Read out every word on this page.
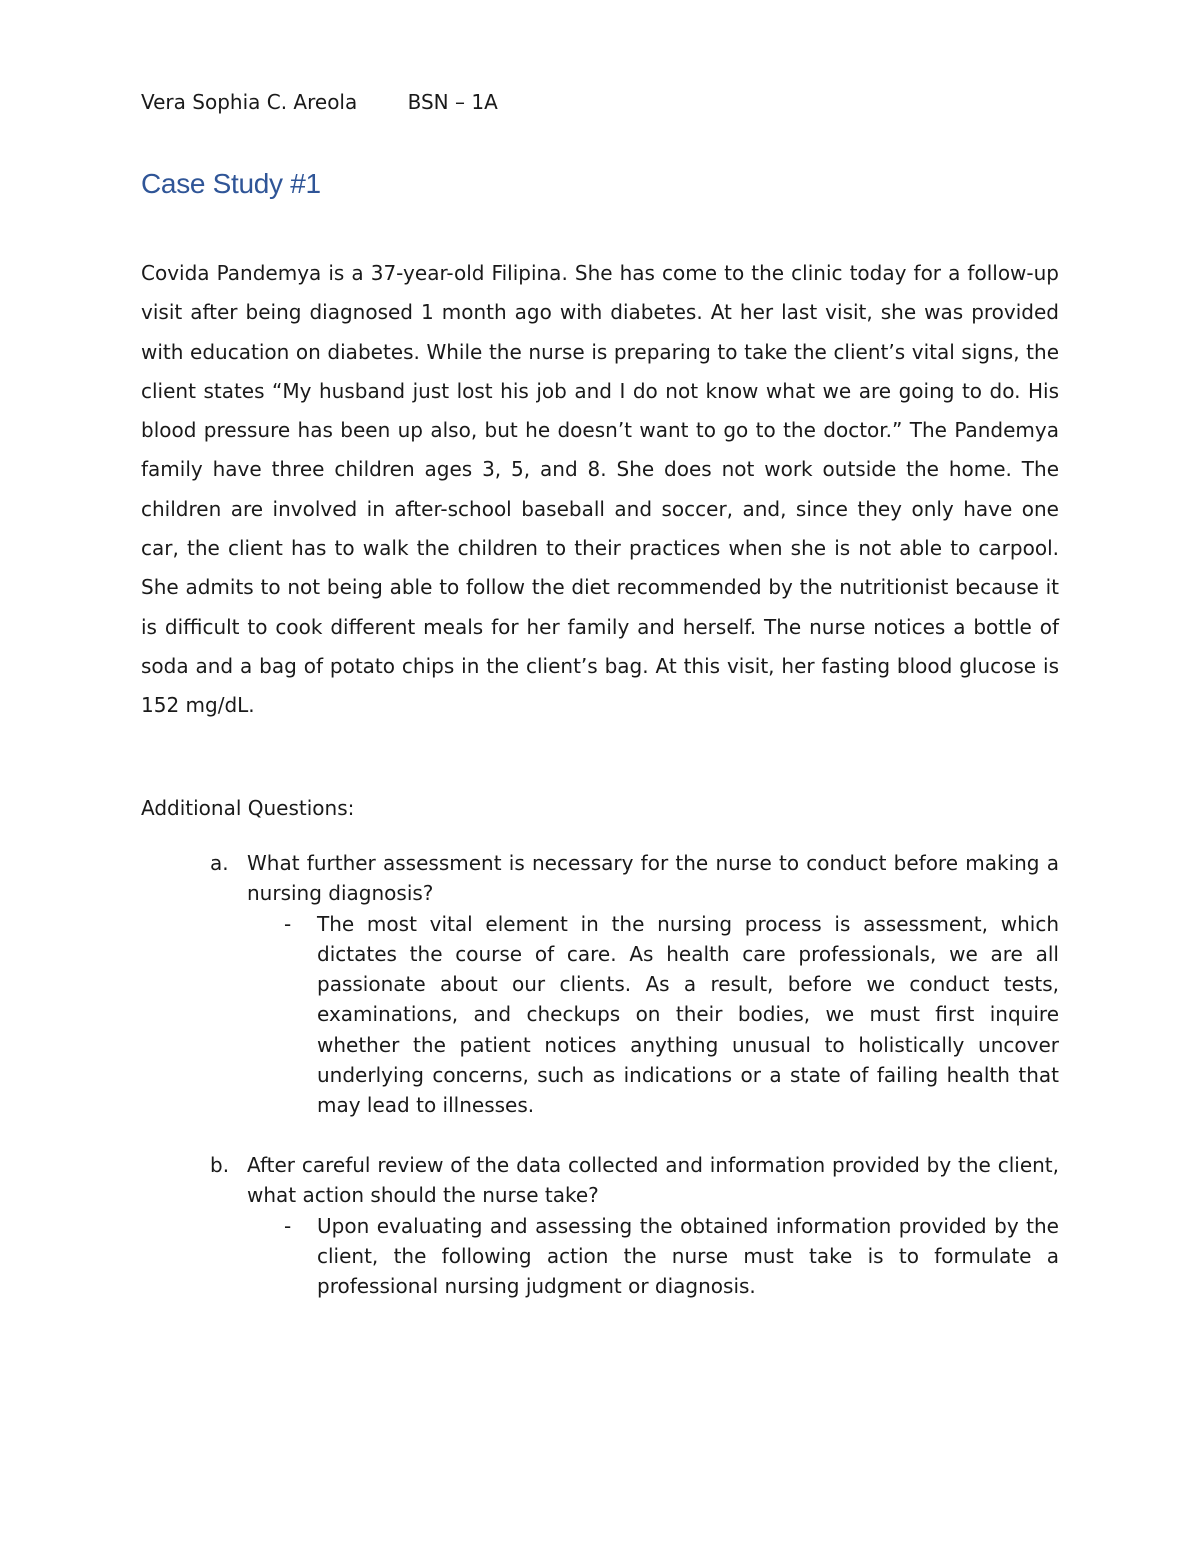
Vera Sophia C. Areola	BSN – 1A
Case Study #1
Covida Pandemya is a 37-year-old Filipina. She has come to the clinic today for a follow-up visit after being diagnosed 1 month ago with diabetes. At her last visit, she was provided with education on diabetes. While the nurse is preparing to take the client’s vital signs, the client states “My husband just lost his job and I do not know what we are going to do. His blood pressure has been up also, but he doesn’t want to go to the doctor.” The Pandemya family have three children ages 3, 5, and 8. She does not work outside the home. The children are involved in after-school baseball and soccer, and, since they only have one car, the client has to walk the children to their practices when she is not able to carpool. She admits to not being able to follow the diet recommended by the nutritionist because it is difficult to cook different meals for her family and herself. The nurse notices a bottle of soda and a bag of potato chips in the client’s bag. At this visit, her fasting blood glucose is 152 mg/dL.
Additional Questions:
a. What further assessment is necessary for the nurse to conduct before making a nursing diagnosis?
- The most vital element in the nursing process is assessment, which dictates the course of care. As health care professionals, we are all passionate about our clients. As a result, before we conduct tests, examinations, and checkups on their bodies, we must first inquire whether the patient notices anything unusual to holistically uncover underlying concerns, such as indications or a state of failing health that may lead to illnesses.
b. After careful review of the data collected and information provided by the client, what action should the nurse take?
- Upon evaluating and assessing the obtained information provided by the client, the following action the nurse must take is to formulate a professional nursing judgment or diagnosis.
